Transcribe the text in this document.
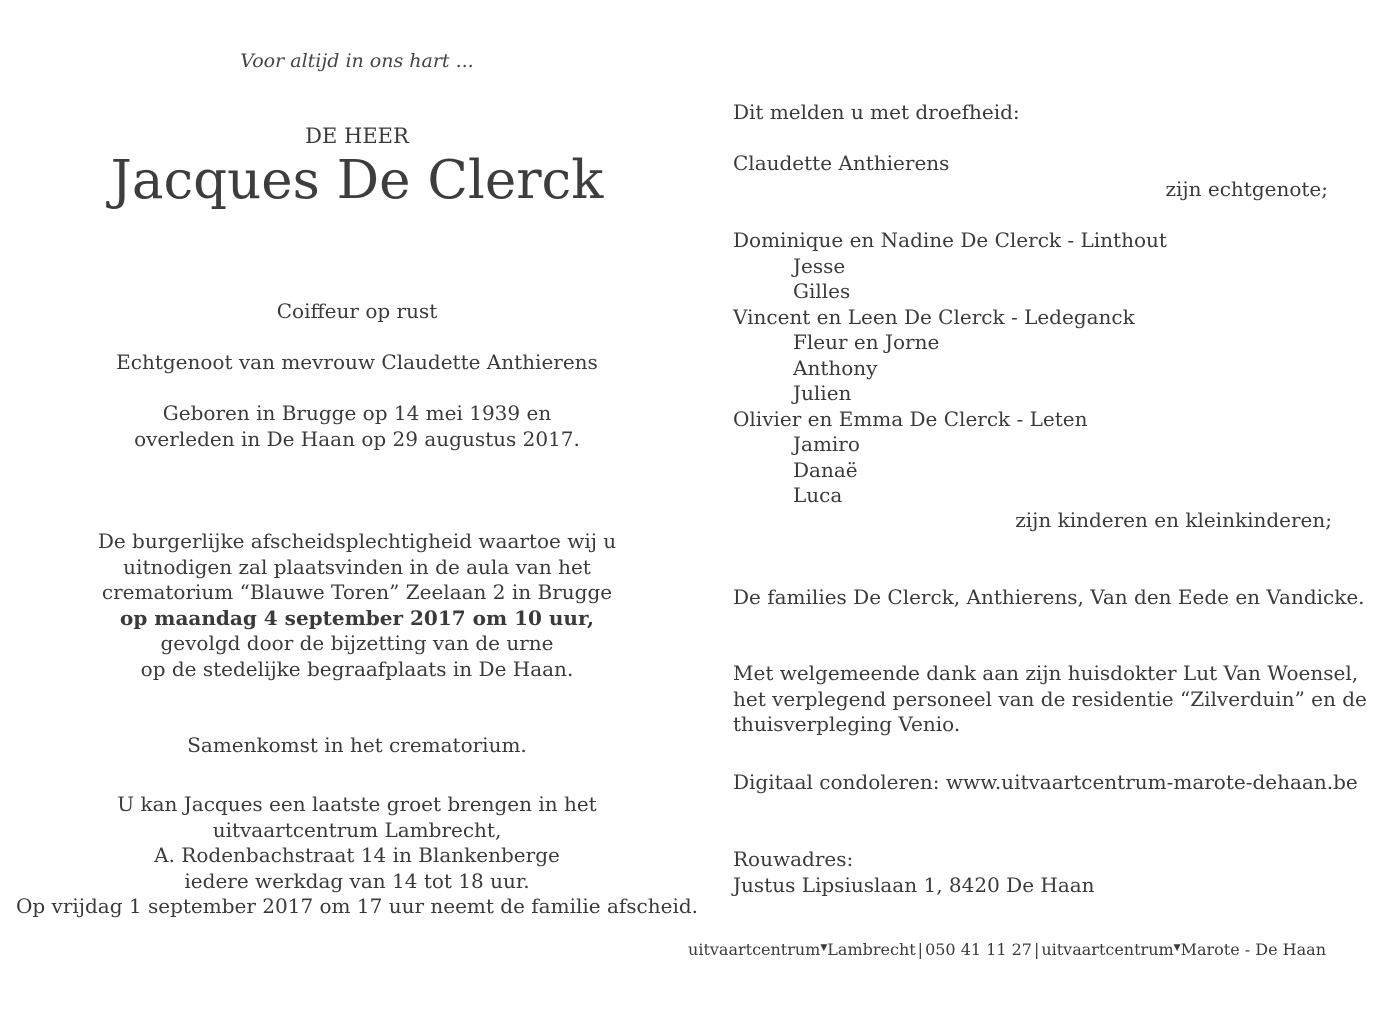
Voor altijd in ons hart ...
DE HEER
Jacques De Clerck
Coiffeur op rust
Echtgenoot van mevrouw Claudette Anthierens
Geboren in Brugge op 14 mei 1939 en
overleden in De Haan op 29 augustus 2017.
De burgerlijke afscheidsplechtigheid waartoe wij u
uitnodigen zal plaatsvinden in de aula van het
crematorium “Blauwe Toren” Zeelaan 2 in Brugge
op maandag 4 september 2017 om 10 uur,
gevolgd door de bijzetting van de urne
op de stedelijke begraafplaats in De Haan.
Samenkomst in het crematorium.
U kan Jacques een laatste groet brengen in het
uitvaartcentrum Lambrecht,
A. Rodenbachstraat 14 in Blankenberge
iedere werkdag van 14 tot 18 uur.
Op vrijdag 1 september 2017 om 17 uur neemt de familie afscheid.
Dit melden u met droefheid:
Claudette Anthierens
zijn echtgenote;
Dominique en Nadine De Clerck - Linthout
Jesse
Gilles
Vincent en Leen De Clerck - Ledeganck
Fleur en Jorne
Anthony
Julien
Olivier en Emma De Clerck - Leten
Jamiro
Danaë
Luca
zijn kinderen en kleinkinderen;
De families De Clerck, Anthierens, Van den Eede en Vandicke.
Met welgemeende dank aan zijn huisdokter Lut Van Woensel,
het verplegend personeel van de residentie “Zilverduin” en de
thuisverpleging Venio.
Digitaal condoleren: www.uitvaartcentrum-marote-dehaan.be
Rouwadres:
Justus Lipsiuslaan 1, 8420 De Haan
uitvaartcentrum▼Lambrecht | 050 41 11 27 | uitvaartcentrum▼Marote - De Haan
